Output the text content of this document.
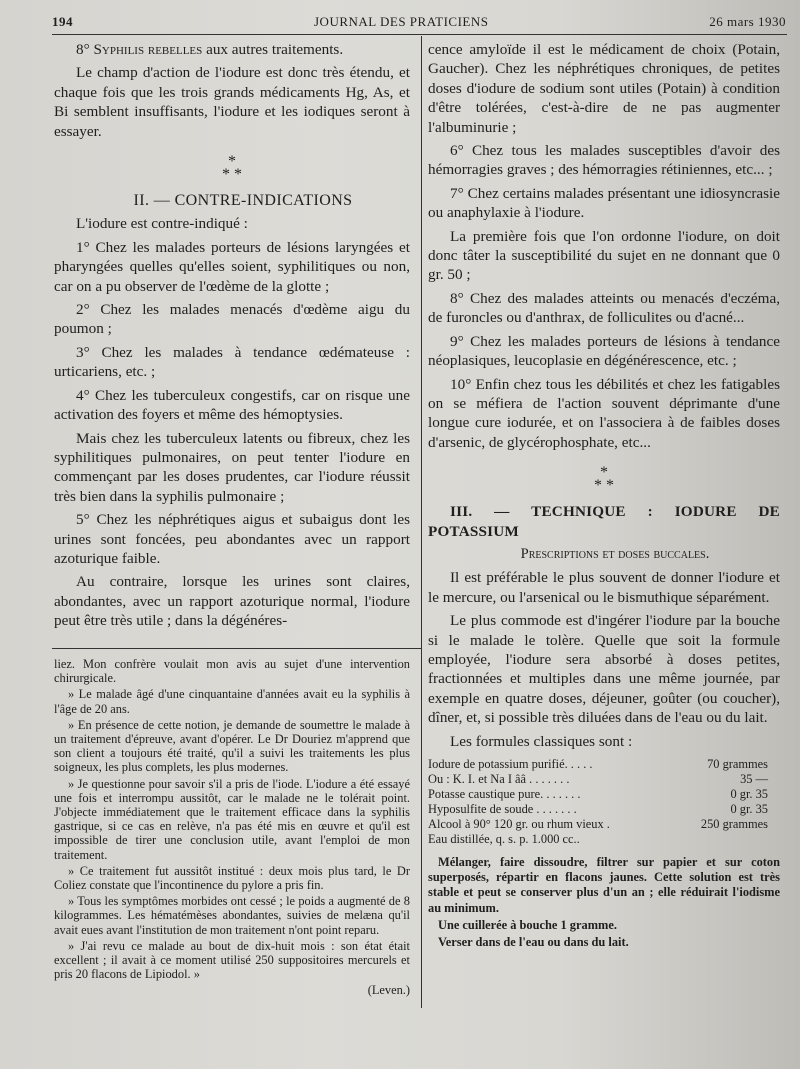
194	JOURNAL DES PRATICIENS	26 mars 1930

8° Syphilis rebelles aux autres traitements.

Le champ d'action de l'iodure est donc très étendu, et chaque fois que les trois grands médicaments Hg, As, et Bi semblent insuffisants, l'iodure et les iodiques seront à essayer.

*
* *

II. — CONTRE-INDICATIONS

L'iodure est contre-indiqué :

1° Chez les malades porteurs de lésions laryngées et pharyngées quelles qu'elles soient, syphilitiques ou non, car on a pu observer de l'œdème de la glotte ;

2° Chez les malades menacés d'œdème aigu du poumon ;

3° Chez les malades à tendance œdémateuse : urticariens, etc. ;

4° Chez les tuberculeux congestifs, car on risque une activation des foyers et même des hémoptysies.

Mais chez les tuberculeux latents ou fibreux, chez les syphilitiques pulmonaires, on peut tenter l'iodure en commençant par les doses prudentes, car l'iodure réussit très bien dans la syphilis pulmonaire ;

5° Chez les néphrétiques aigus et subaigus dont les urines sont foncées, peu abondantes avec un rapport azoturique faible.

Au contraire, lorsque les urines sont claires, abondantes, avec un rapport azoturique normal, l'iodure peut être très utile ; dans la dégénéres-

liez. Mon confrère voulait mon avis au sujet d'une intervention chirurgicale.

» Le malade âgé d'une cinquantaine d'années avait eu la syphilis à l'âge de 20 ans.

» En présence de cette notion, je demande de soumettre le malade à un traitement d'épreuve, avant d'opérer. Le Dr Douriez m'apprend que son client a toujours été traité, qu'il a suivi les traitements les plus soigneux, les plus complets, les plus modernes.

» Je questionne pour savoir s'il a pris de l'iode. L'iodure a été essayé une fois et interrompu aussitôt, car le malade ne le tolérait point. J'objecte immédiatement que le traitement efficace dans la syphilis gastrique, si ce cas en relève, n'a pas été mis en œuvre et qu'il est impossible de tirer une conclusion utile, avant l'emploi de mon traitement.

» Ce traitement fut aussitôt institué : deux mois plus tard, le Dr Coliez constate que l'incontinence du pylore a pris fin.

» Tous les symptômes morbides ont cessé ; le poids a augmenté de 8 kilogrammes. Les hématémèses abondantes, suivies de melæna qu'il avait eues avant l'institution de mon traitement n'ont point reparu.

» J'ai revu ce malade au bout de dix-huit mois : son état était excellent ; il avait à ce moment utilisé 250 suppositoires mercurels et pris 20 flacons de Lipiodol. »

(Leven.)

cence amyloïde il est le médicament de choix (Potain, Gaucher). Chez les néphrétiques chroniques, de petites doses d'iodure de sodium sont utiles (Potain) à condition d'être tolérées, c'est-à-dire de ne pas augmenter l'albuminurie ;

6° Chez tous les malades susceptibles d'avoir des hémorragies graves ; des hémorragies rétiniennes, etc... ;

7° Chez certains malades présentant une idiosyncrasie ou anaphylaxie à l'iodure.

La première fois que l'on ordonne l'iodure, on doit donc tâter la susceptibilité du sujet en ne donnant que 0 gr. 50 ;

8° Chez des malades atteints ou menacés d'eczéma, de furoncles ou d'anthrax, de folliculites ou d'acné...

9° Chez les malades porteurs de lésions à tendance néoplasiques, leucoplasie en dégénérescence, etc. ;

10° Enfin chez tous les débilités et chez les fatigables on se méfiera de l'action souvent déprimante d'une longue cure iodurée, et on l'associera à de faibles doses d'arsenic, de glycérophosphate, etc...

*
* *

III. — TECHNIQUE : IODURE DE POTASSIUM

Prescriptions et doses buccales.

Il est préférable le plus souvent de donner l'iodure et le mercure, ou l'arsenical ou le bismuthique séparément.

Le plus commode est d'ingérer l'iodure par la bouche si le malade le tolère. Quelle que soit la formule employée, l'iodure sera absorbé à doses petites, fractionnées et multiples dans une même journée, par exemple en quatre doses, déjeuner, goûter (ou coucher), dîner, et, si possible très diluées dans de l'eau ou du lait.

Les formules classiques sont :

Iodure de potassium purifié. . . . .	70 grammes
Ou : K. I. et Na I ââ . . . . . . .	35 —
Potasse caustique pure. . . . . . .	0 gr. 35
Hyposulfite de soude . . . . . . .	0 gr. 35
Alcool à 90° 120 gr. ou rhum vieux .	250 grammes
Eau distillée, q. s. p. 1.000 cc..

Mélanger, faire dissoudre, filtrer sur papier et sur coton superposés, répartir en flacons jaunes. Cette solution est très stable et peut se conserver plus d'un an ; elle réduirait l'iodisme au minimum.

Une cuillerée à bouche 1 gramme.

Verser dans de l'eau ou dans du lait.
